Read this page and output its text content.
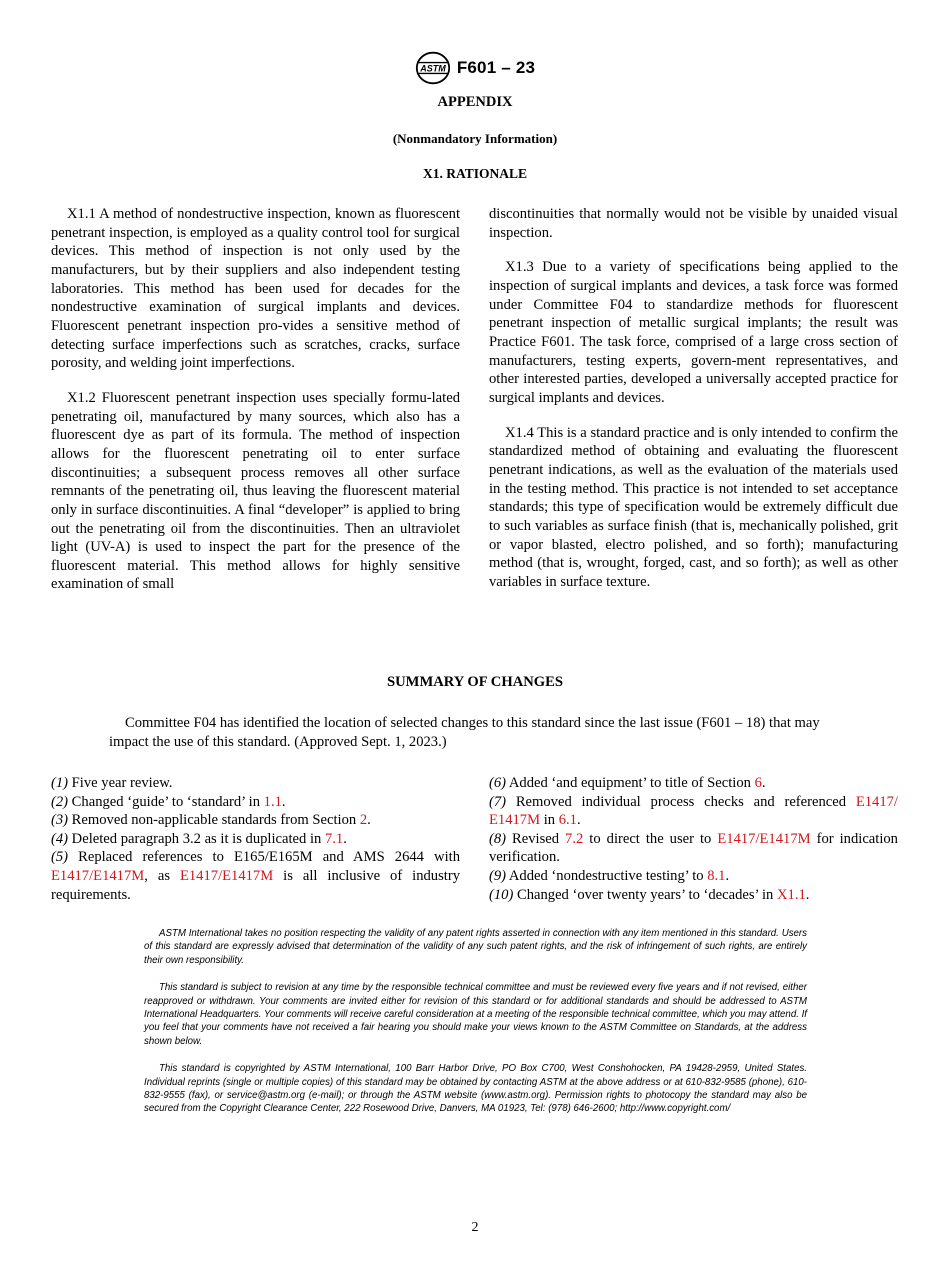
ASTM F601 – 23
APPENDIX
(Nonmandatory Information)
X1. RATIONALE

X1.1 A method of nondestructive inspection, known as fluorescent penetrant inspection, is employed as a quality control tool for surgical devices. This method of inspection is not only used by the manufacturers, but by their suppliers and also independent testing laboratories. This method has been used for decades for the nondestructive examination of surgical implants and devices. Fluorescent penetrant inspection pro-vides a sensitive method of detecting surface imperfections such as scratches, cracks, surface porosity, and welding joint imperfections.

X1.2 Fluorescent penetrant inspection uses specially formu-lated penetrating oil, manufactured by many sources, which also has a fluorescent dye as part of its formula. The method of inspection allows for the fluorescent penetrating oil to enter surface discontinuities; a subsequent process removes all other surface remnants of the penetrating oil, thus leaving the fluorescent material only in surface discontinuities. A final “developer” is applied to bring out the penetrating oil from the discontinuities. Then an ultraviolet light (UV-A) is used to inspect the part for the presence of the fluorescent material. This method allows for highly sensitive examination of small

discontinuities that normally would not be visible by unaided visual inspection.

X1.3 Due to a variety of specifications being applied to the inspection of surgical implants and devices, a task force was formed under Committee F04 to standardize methods for fluorescent penetrant inspection of metallic surgical implants; the result was Practice F601. The task force, comprised of a large cross section of manufacturers, testing experts, govern-ment representatives, and other interested parties, developed a universally accepted practice for surgical implants and devices.

X1.4 This is a standard practice and is only intended to confirm the standardized method of obtaining and evaluating the fluorescent penetrant indications, as well as the evaluation of the materials used in the testing method. This practice is not intended to set acceptance standards; this type of specification would be extremely difficult due to such variables as surface finish (that is, mechanically polished, grit or vapor blasted, electro polished, and so forth); manufacturing method (that is, wrought, forged, cast, and so forth); as well as other variables in surface texture.

SUMMARY OF CHANGES
Committee F04 has identified the location of selected changes to this standard since the last issue (F601 – 18) that may impact the use of this standard. (Approved Sept. 1, 2023.)
(1) Five year review.
(2) Changed ‘guide’ to ‘standard’ in 1.1.
(3) Removed non-applicable standards from Section 2.
(4) Deleted paragraph 3.2 as it is duplicated in 7.1.
(5) Replaced references to E165/E165M and AMS 2644 with E1417/E1417M, as E1417/E1417M is all inclusive of industry requirements.
(6) Added ‘and equipment’ to title of Section 6.
(7) Removed individual process checks and referenced E1417/ E1417M in 6.1.
(8) Revised 7.2 to direct the user to E1417/E1417M for indication verification.
(9) Added ‘nondestructive testing’ to 8.1.
(10) Changed ‘over twenty years’ to ‘decades’ in X1.1.

ASTM International takes no position respecting the validity of any patent rights asserted in connection with any item mentioned in this standard. Users of this standard are expressly advised that determination of the validity of any such patent rights, and the risk of infringement of such rights, are entirely their own responsibility.

This standard is subject to revision at any time by the responsible technical committee and must be reviewed every five years and if not revised, either reapproved or withdrawn. Your comments are invited either for revision of this standard or for additional standards and should be addressed to ASTM International Headquarters. Your comments will receive careful consideration at a meeting of the responsible technical committee, which you may attend. If you feel that your comments have not received a fair hearing you should make your views known to the ASTM Committee on Standards, at the address shown below.

This standard is copyrighted by ASTM International, 100 Barr Harbor Drive, PO Box C700, West Conshohocken, PA 19428-2959, United States. Individual reprints (single or multiple copies) of this standard may be obtained by contacting ASTM at the above address or at 610-832-9585 (phone), 610-832-9555 (fax), or service@astm.org (e-mail); or through the ASTM website (www.astm.org). Permission rights to photocopy the standard may also be secured from the Copyright Clearance Center, 222 Rosewood Drive, Danvers, MA 01923, Tel: (978) 646-2600; http://www.copyright.com/

2
